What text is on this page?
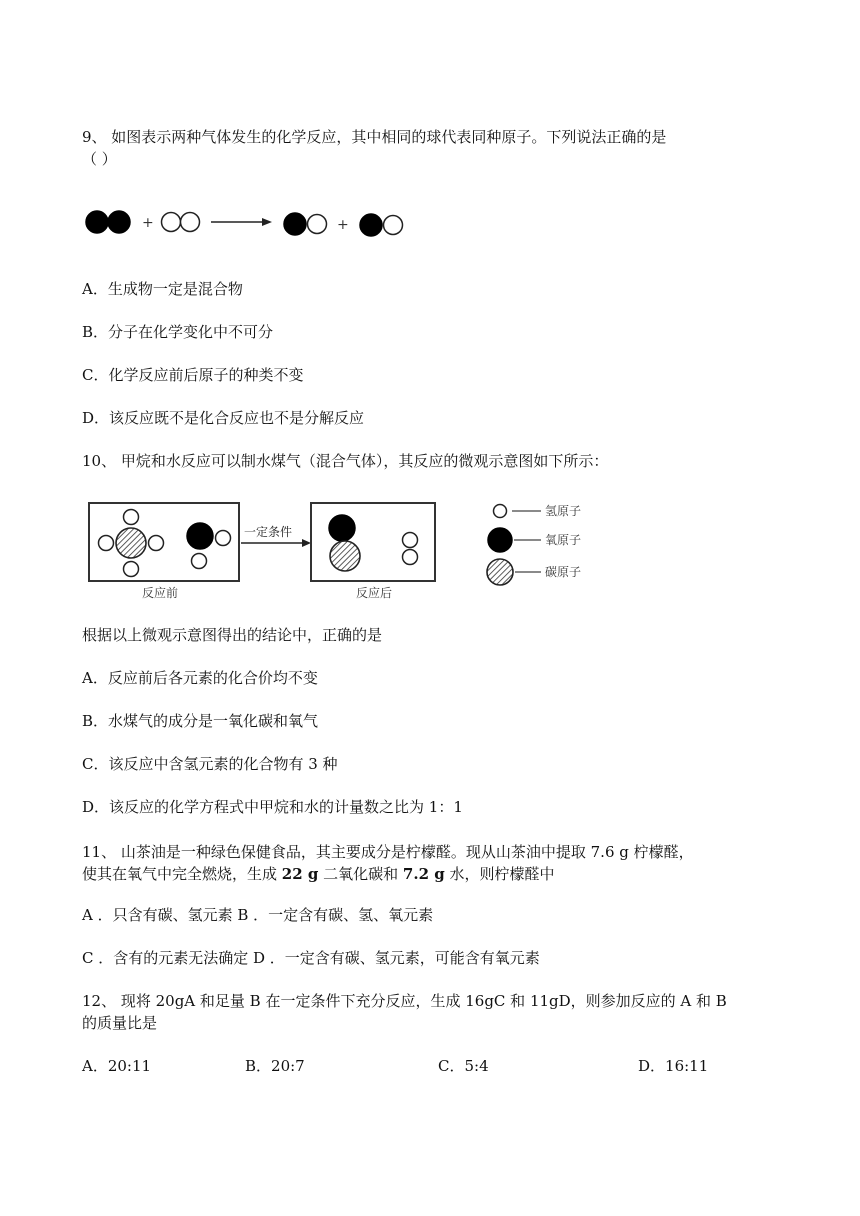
9、 如图表示两种气体发生的化学反应，其中相同的球代表同种原子。下列说法正确的是
（ ）
+	+
A．生成物一定是混合物
B．分子在化学变化中不可分
C．化学反应前后原子的种类不变
D．该反应既不是化合反应也不是分解反应
10、 甲烷和水反应可以制水煤气（混合气体），其反应的微观示意图如下所示：
一定条件
反应前	反应后
氢原子
氧原子
碳原子
根据以上微观示意图得出的结论中，正确的是
A．反应前后各元素的化合价均不变
B．水煤气的成分是一氧化碳和氧气
C．该反应中含氢元素的化合物有 3 种
D．该反应的化学方程式中甲烷和水的计量数之比为 1：1
11、 山茶油是一种绿色保健食品，其主要成分是柠檬醛。现从山茶油中提取 7.6 g 柠檬醛，
使其在氧气中完全燃烧，生成 22 g 二氧化碳和 7.2 g 水，则柠檬醛中
A ．只含有碳、氢元素 B ．一定含有碳、氢、氧元素
C ．含有的元素无法确定 D ．一定含有碳、氢元素，可能含有氧元素
12、 现将 20gA 和足量 B 在一定条件下充分反应，生成 16gC 和 11gD，则参加反应的 A 和 B
的质量比是
A．20:11	B．20:7	C．5:4	D．16:11
